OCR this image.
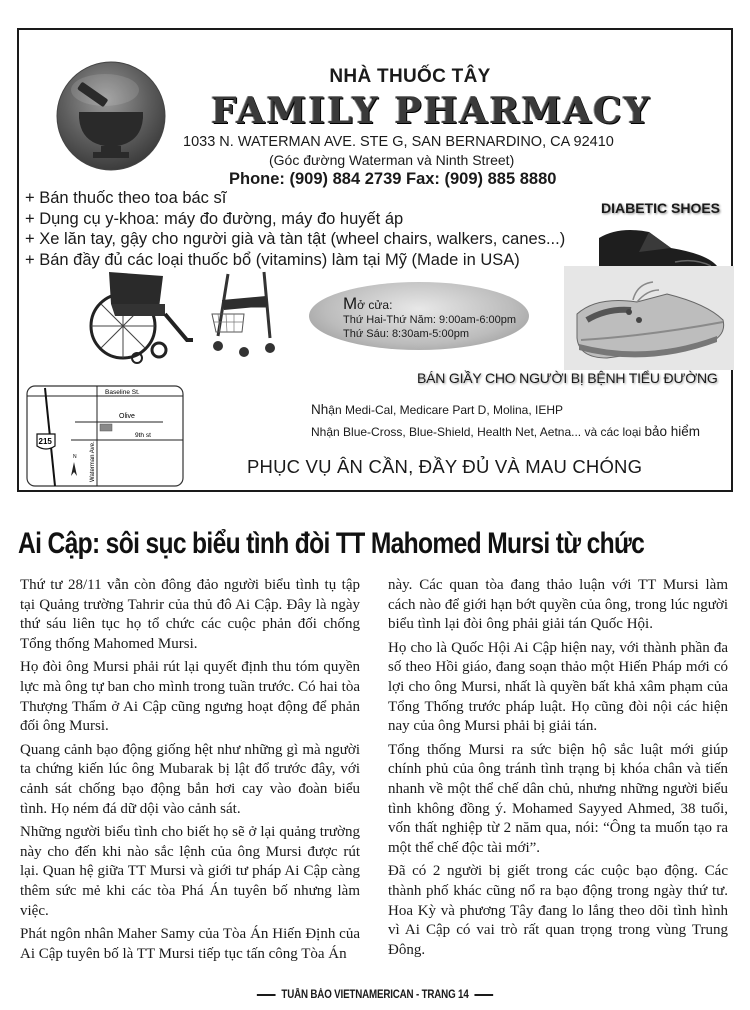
NHÀ THUỐC TÂY
FAMILY PHARMACY
1033 N. WATERMAN AVE. STE G, SAN BERNARDINO, CA 92410
(Góc đường Waterman và Ninth Street)
Phone: (909) 884 2739 Fax: (909) 885 8880
+ Bán thuốc theo toa bác sĩ
+ Dụng cụ y-khoa: máy đo đường, máy đo huyết áp
+ Xe lăn tay, gậy cho người già và tàn tật (wheel chairs, walkers, canes...)
+ Bán đầy đủ các loại thuốc bổ (vitamins) làm tại Mỹ (Made in USA)
DIABETIC SHOES
Mở cửa:
Thứ Hai-Thứ Năm: 9:00am-6:00pm
Thứ Sáu: 8:30am-5:00pm
BÁN GIẦY CHO NGƯỜI BỊ BỆNH TIỂU ĐƯỜNG
Baseline St.
Olive
9th st
Waterman Ave.
215
N
Nhận Medi-Cal, Medicare Part D, Molina, IEHP
Nhận Blue-Cross, Blue-Shield, Health Net, Aetna... và các loại bảo hiểm
PHỤC VỤ ÂN CẦN, ĐẦY ĐỦ VÀ MAU CHÓNG
Ai Cập: sôi sục biểu tình đòi TT Mahomed Mursi từ chức

Thứ tư 28/11 vẫn còn đông đảo người biểu tình tụ tập tại Quảng trường Tahrir của thủ đô Ai Cập. Đây là ngày thứ sáu liên tục họ tổ chức các cuộc phản đối chống Tổng thống Mahomed Mursi.

Họ đòi ông Mursi phải rút lại quyết định thu tóm quyền lực mà ông tự ban cho mình trong tuần trước. Có hai tòa Thượng Thẩm ở Ai Cập cũng ngưng hoạt động để phản đối ông Mursi.

Quang cảnh bạo động giống hệt như những gì mà người ta chứng kiến lúc ông Mubarak bị lật đổ trước đây, với cảnh sát chống bạo động bắn hơi cay vào đoàn biểu tình. Họ ném đá dữ dội vào cảnh sát.

Những người biểu tình cho biết họ sẽ ở lại quảng trường này cho đến khi nào sắc lệnh của ông Mursi được rút lại. Quan hệ giữa TT Mursi và giới tư pháp Ai Cập càng thêm sức mẻ khi các tòa Phá Án tuyên bố nhưng làm việc.

Phát ngôn nhân Maher Samy của Tòa Án Hiến Định của Ai Cập tuyên bố là TT Mursi tiếp tục tấn công Tòa Án

này. Các quan tòa đang thảo luận với TT Mursi làm cách nào để giới hạn bớt quyền của ông, trong lúc người biểu tình lại đòi ông phải giải tán Quốc Hội.

Họ cho là Quốc Hội Ai Cập hiện nay, với thành phần đa số theo Hồi giáo, đang soạn thảo một Hiến Pháp mới có lợi cho ông Mursi, nhất là quyền bất khả xâm phạm của Tổng Thống trước pháp luật. Họ cũng đòi nội các hiện nay của ông Mursi phải bị giải tán.

Tổng thống Mursi ra sức biện hộ sắc luật mới giúp chính phủ của ông tránh tình trạng bị khóa chân và tiến nhanh về một thể chế dân chủ, nhưng những người biểu tình không đồng ý. Mohamed Sayyed Ahmed, 38 tuổi, vốn thất nghiệp từ 2 năm qua, nói: “Ông ta muốn tạo ra một thể chế độc tài mới”.

Đã có 2 người bị giết trong các cuộc bạo động. Các thành phố khác cũng nổ ra bạo động trong ngày thứ tư. Hoa Kỳ và phương Tây đang lo lắng theo dõi tình hình vì Ai Cập có vai trò rất quan trọng trong vùng Trung Đông.

TUẦN BÁO VIETNAMERICAN - TRANG 14
